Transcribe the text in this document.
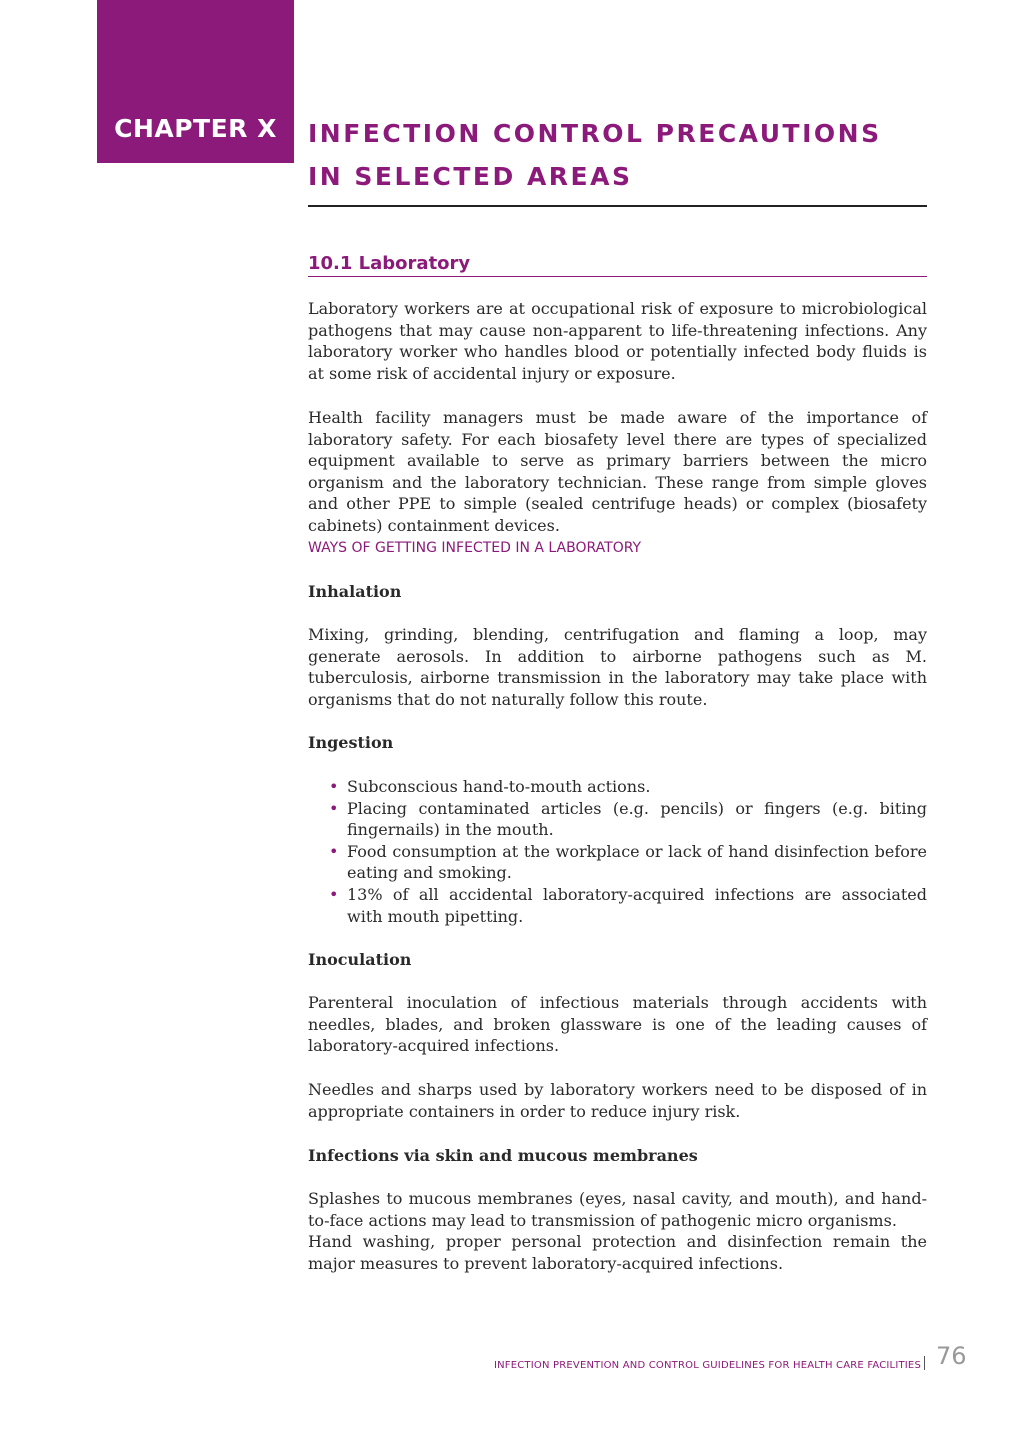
CHAPTER X	INFECTION CONTROL PRECAUTIONS
IN SELECTED AREAS
10.1 Laboratory

Laboratory workers are at occupational risk of exposure to microbiological pathogens that may cause non-apparent to life-threatening infections. Any laboratory worker who handles blood or potentially infected body fluids is at some risk of accidental injury or exposure.

Health facility managers must be made aware of the importance of laboratory safety. For each biosafety level there are types of specialized equipment available to serve as primary barriers between the micro organism and the laboratory technician. These range from simple gloves and other PPE to simple (sealed centrifuge heads) or complex (biosafety cabinets) containment devices.

WAYS OF GETTING INFECTED IN A LABORATORY
Inhalation

Mixing, grinding, blending, centrifugation and flaming a loop, may generate aerosols. In addition to airborne pathogens such as M. tuberculosis, airborne transmission in the laboratory may take place with organisms that do not naturally follow this route.

Ingestion
• Subconscious hand-to-mouth actions.
• Placing contaminated articles (e.g. pencils) or fingers (e.g. biting fingernails) in the mouth.
• Food consumption at the workplace or lack of hand disinfection before eating and smoking.
• 13% of all accidental laboratory-acquired infections are associated with mouth pipetting.
Inoculation

Parenteral inoculation of infectious materials through accidents with needles, blades, and broken glassware is one of the leading causes of laboratory-acquired infections.

Needles and sharps used by laboratory workers need to be disposed of in appropriate containers in order to reduce injury risk.

Infections via skin and mucous membranes

Splashes to mucous membranes (eyes, nasal cavity, and mouth), and hand-to-face actions may lead to transmission of pathogenic micro organisms.

Hand washing, proper personal protection and disinfection remain the major measures to prevent laboratory-acquired infections.

INFECTION PREVENTION AND CONTROL GUIDELINES FOR HEALTH CARE FACILITIES 76
